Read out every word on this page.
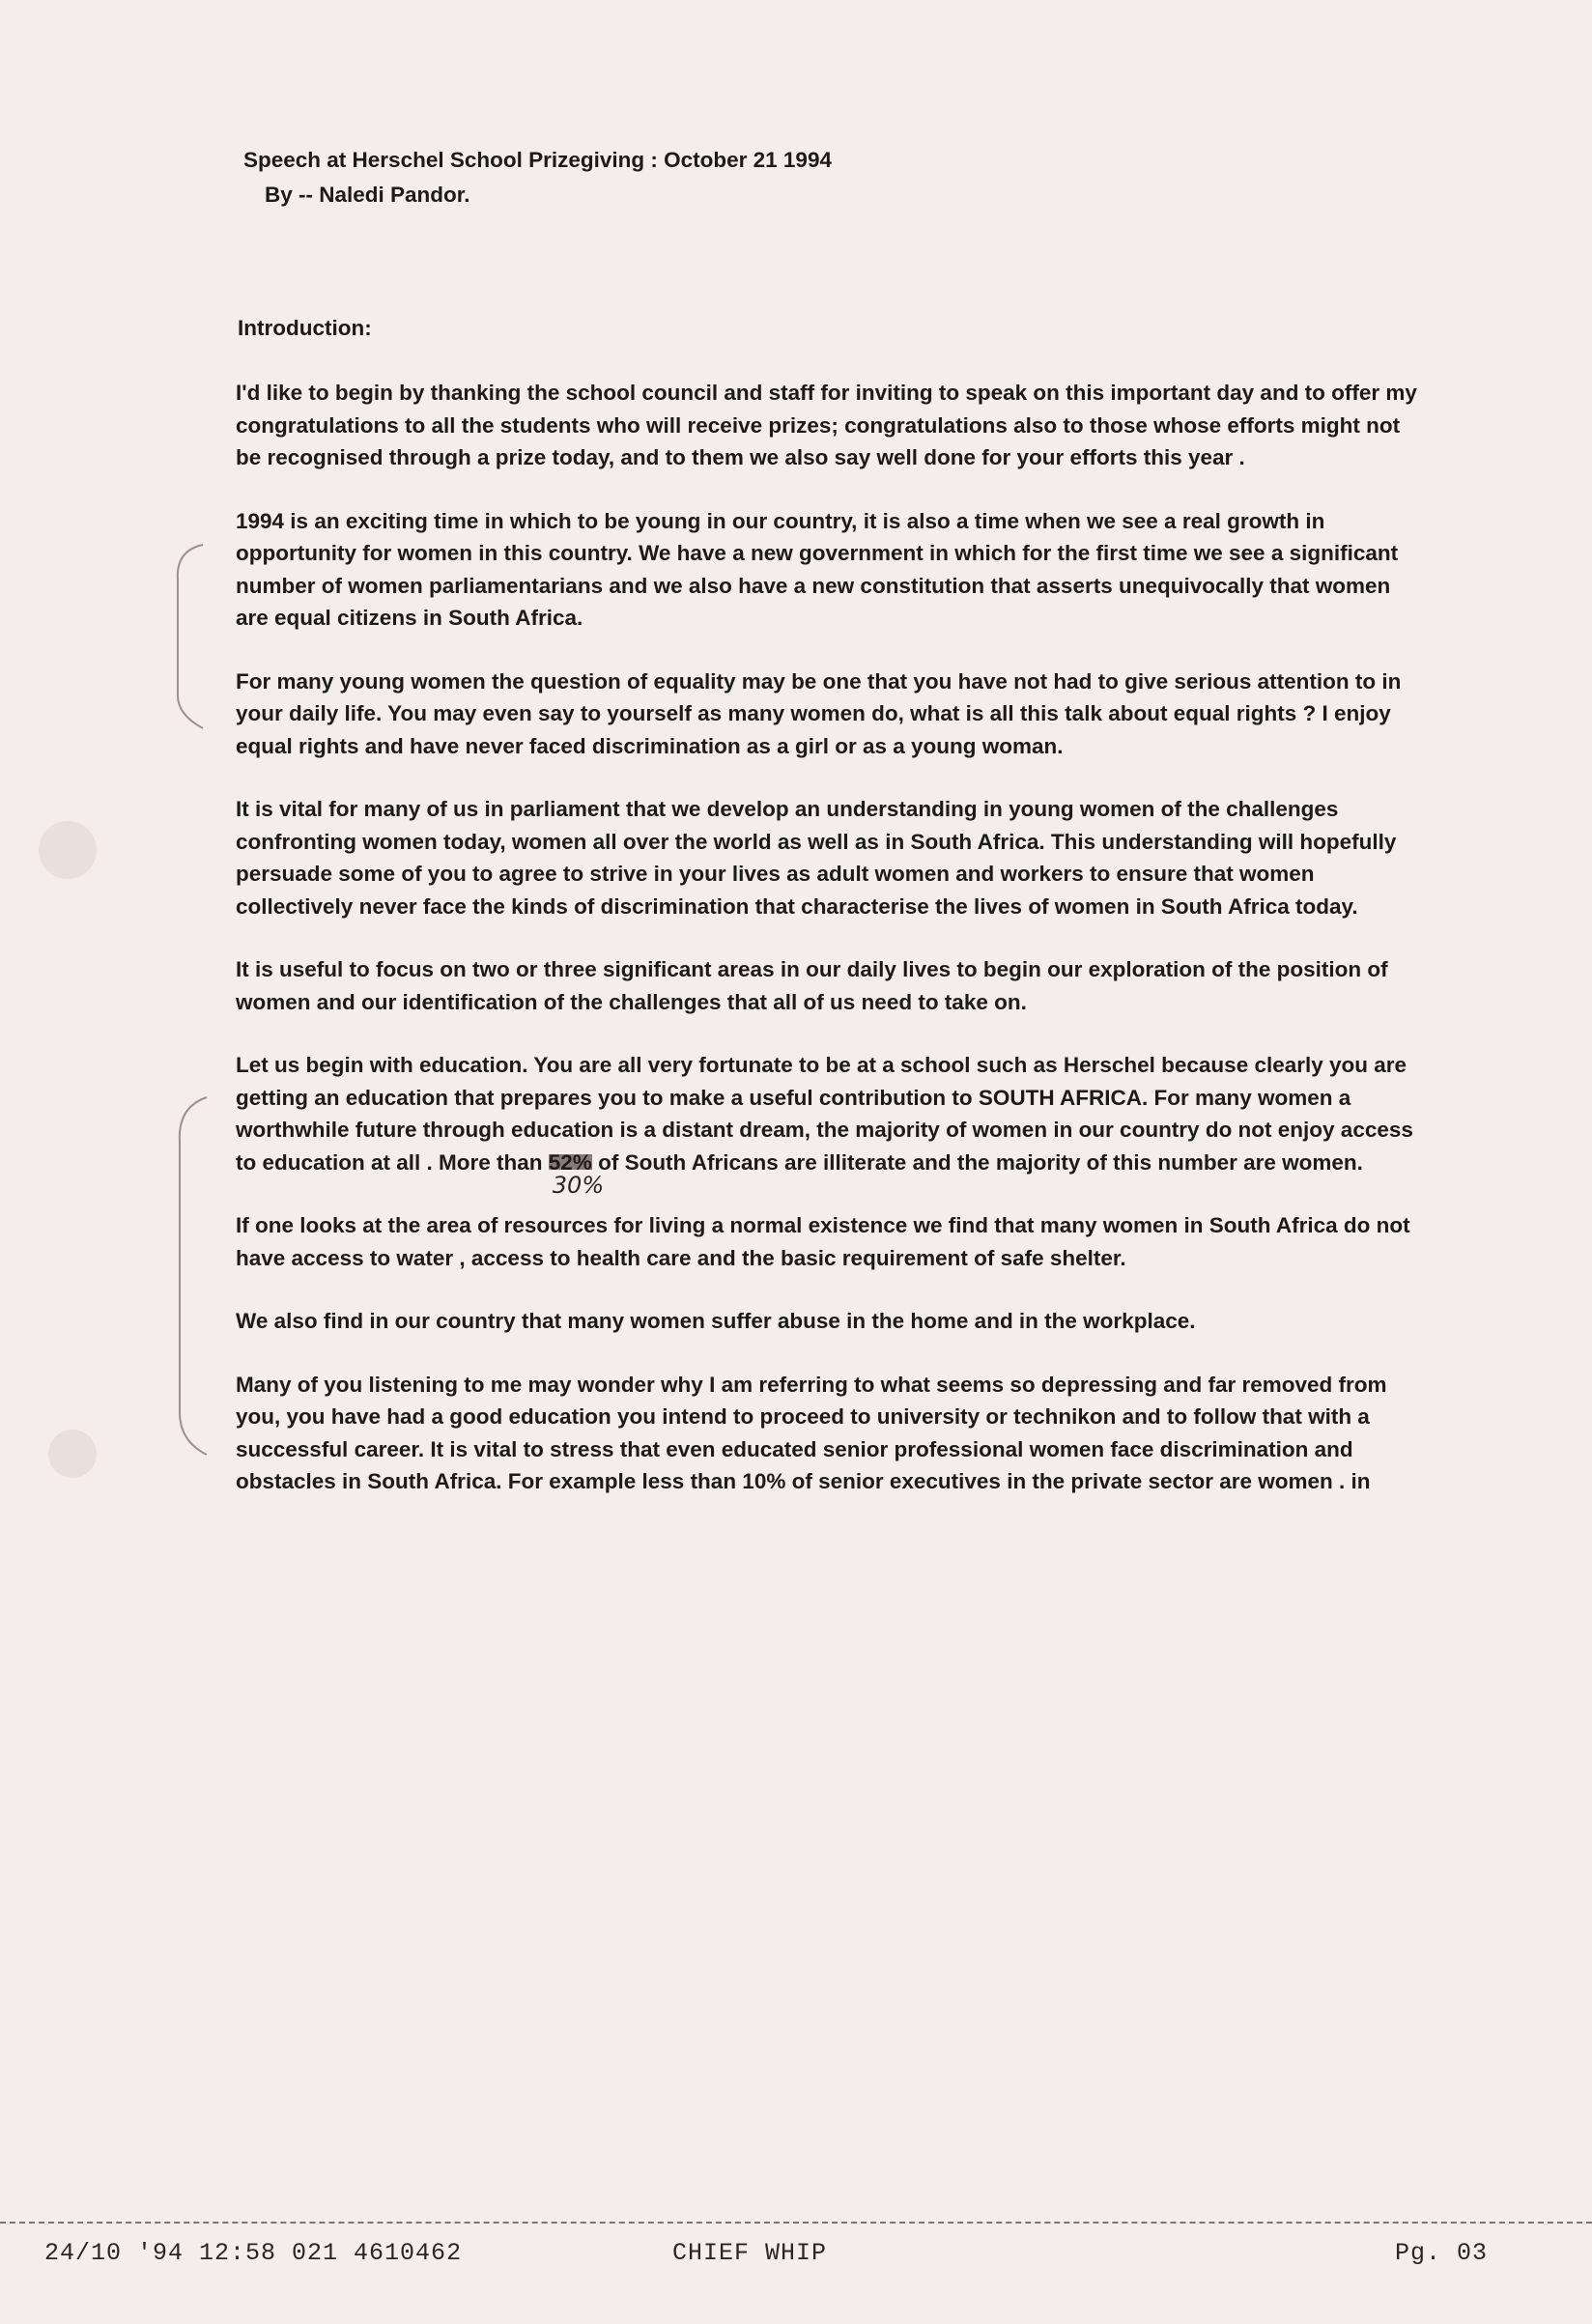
Speech at Herschel School Prizegiving : October 21 1994
By -- Naledi Pandor.
Introduction:

I'd like to begin by thanking the school council and staff for inviting to speak on this important day and to offer my congratulations to all the students who will receive prizes; congratulations also to those whose efforts might not be recognised through a prize today, and to them we also say well done for your efforts this year .

1994 is an exciting time in which to be young in our country, it is also a time when we see a real growth in opportunity for women in this country. We have a new government in which for the first time we see a significant number of women parliamentarians and we also have a new constitution that asserts unequivocally that women are equal citizens in South Africa.

For many young women the question of equality may be one that you have not had to give serious attention to in your daily life. You may even say to yourself as many women do, what is all this talk about equal rights ? I enjoy equal rights and have never faced discrimination as a girl or as a young woman.

It is vital for many of us in parliament that we develop an understanding in young women of the challenges confronting women today, women all over the world as well as in South Africa. This understanding will hopefully persuade some of you to agree to strive in your lives as adult women and workers to ensure that women collectively never face the kinds of discrimination that characterise the lives of women in South Africa today.

It is useful to focus on two or three significant areas in our daily lives to begin our exploration of the position of women and our identification of the challenges that all of us need to take on.

Let us begin with education. You are all very fortunate to be at a school such as Herschel because clearly you are getting an education that prepares you to make a useful contribution to SOUTH AFRICA. For many women a worthwhile future through education is a distant dream, the majority of women in our country do not enjoy access to education at all . More than
30%
of South Africans are illiterate and the majority of this number are women.

If one looks at the area of resources for living a normal existence we find that many women in South Africa do not have access to water , access to health care and the basic requirement of safe shelter.

We also find in our country that many women suffer abuse in the home and in the workplace.

Many of you listening to me may wonder why I am referring to what seems so depressing and far removed from you, you have had a good education you intend to proceed to university or technikon and to follow that with a successful career. It is vital to stress that even educated senior professional women face discrimination and obstacles in South Africa. For example less than 10% of senior executives in the private sector are women . in

24/10 '94 12:58 021 4610462	CHIEF WHIP	Pg. 03
